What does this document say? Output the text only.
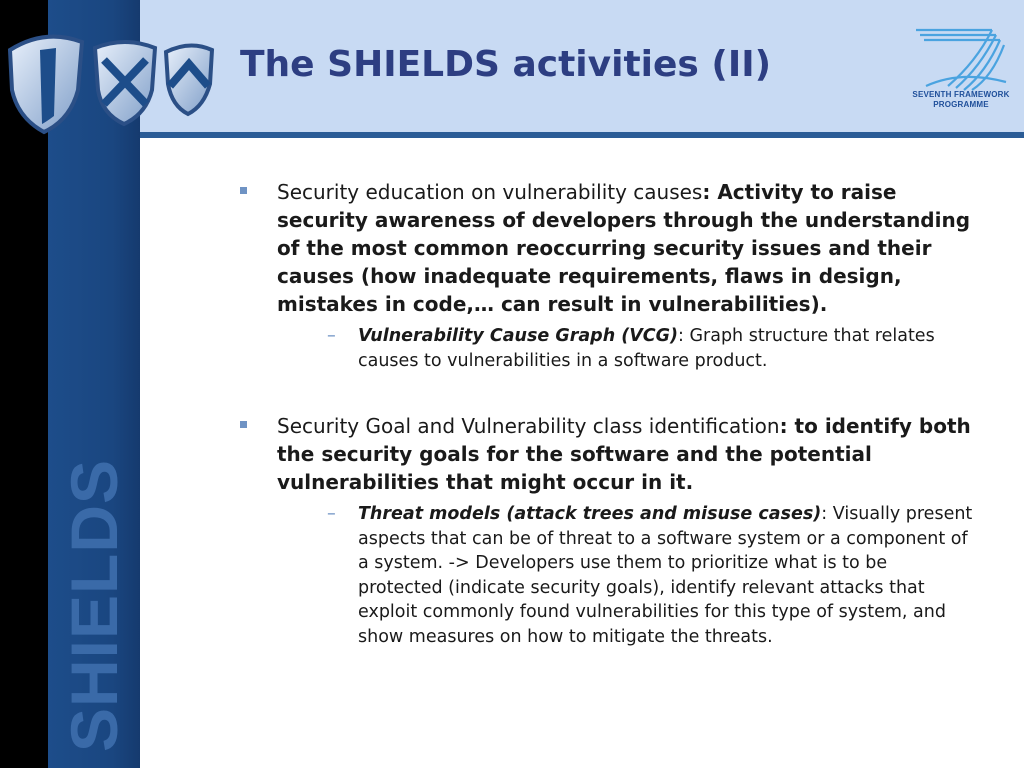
SHIELDS
The SHIELDS activities (II)
SEVENTH FRAMEWORK
PROGRAMME
Security education on vulnerability causes: Activity to raise security awareness of developers through the understanding of the most common reoccurring security issues and their causes (how inadequate requirements, flaws in design, mistakes in code,… can result in vulnerabilities).
– Vulnerability Cause Graph (VCG): Graph structure that relates causes to vulnerabilities in a software product.
Security Goal and Vulnerability class identification: to identify both the security goals for the software and the potential vulnerabilities that might occur in it.
– Threat models (attack trees and misuse cases): Visually present aspects that can be of threat to a software system or a component of a system. -> Developers use them to prioritize what is to be protected (indicate security goals), identify relevant attacks that exploit commonly found vulnerabilities for this type of system, and show measures on how to mitigate the threats.
